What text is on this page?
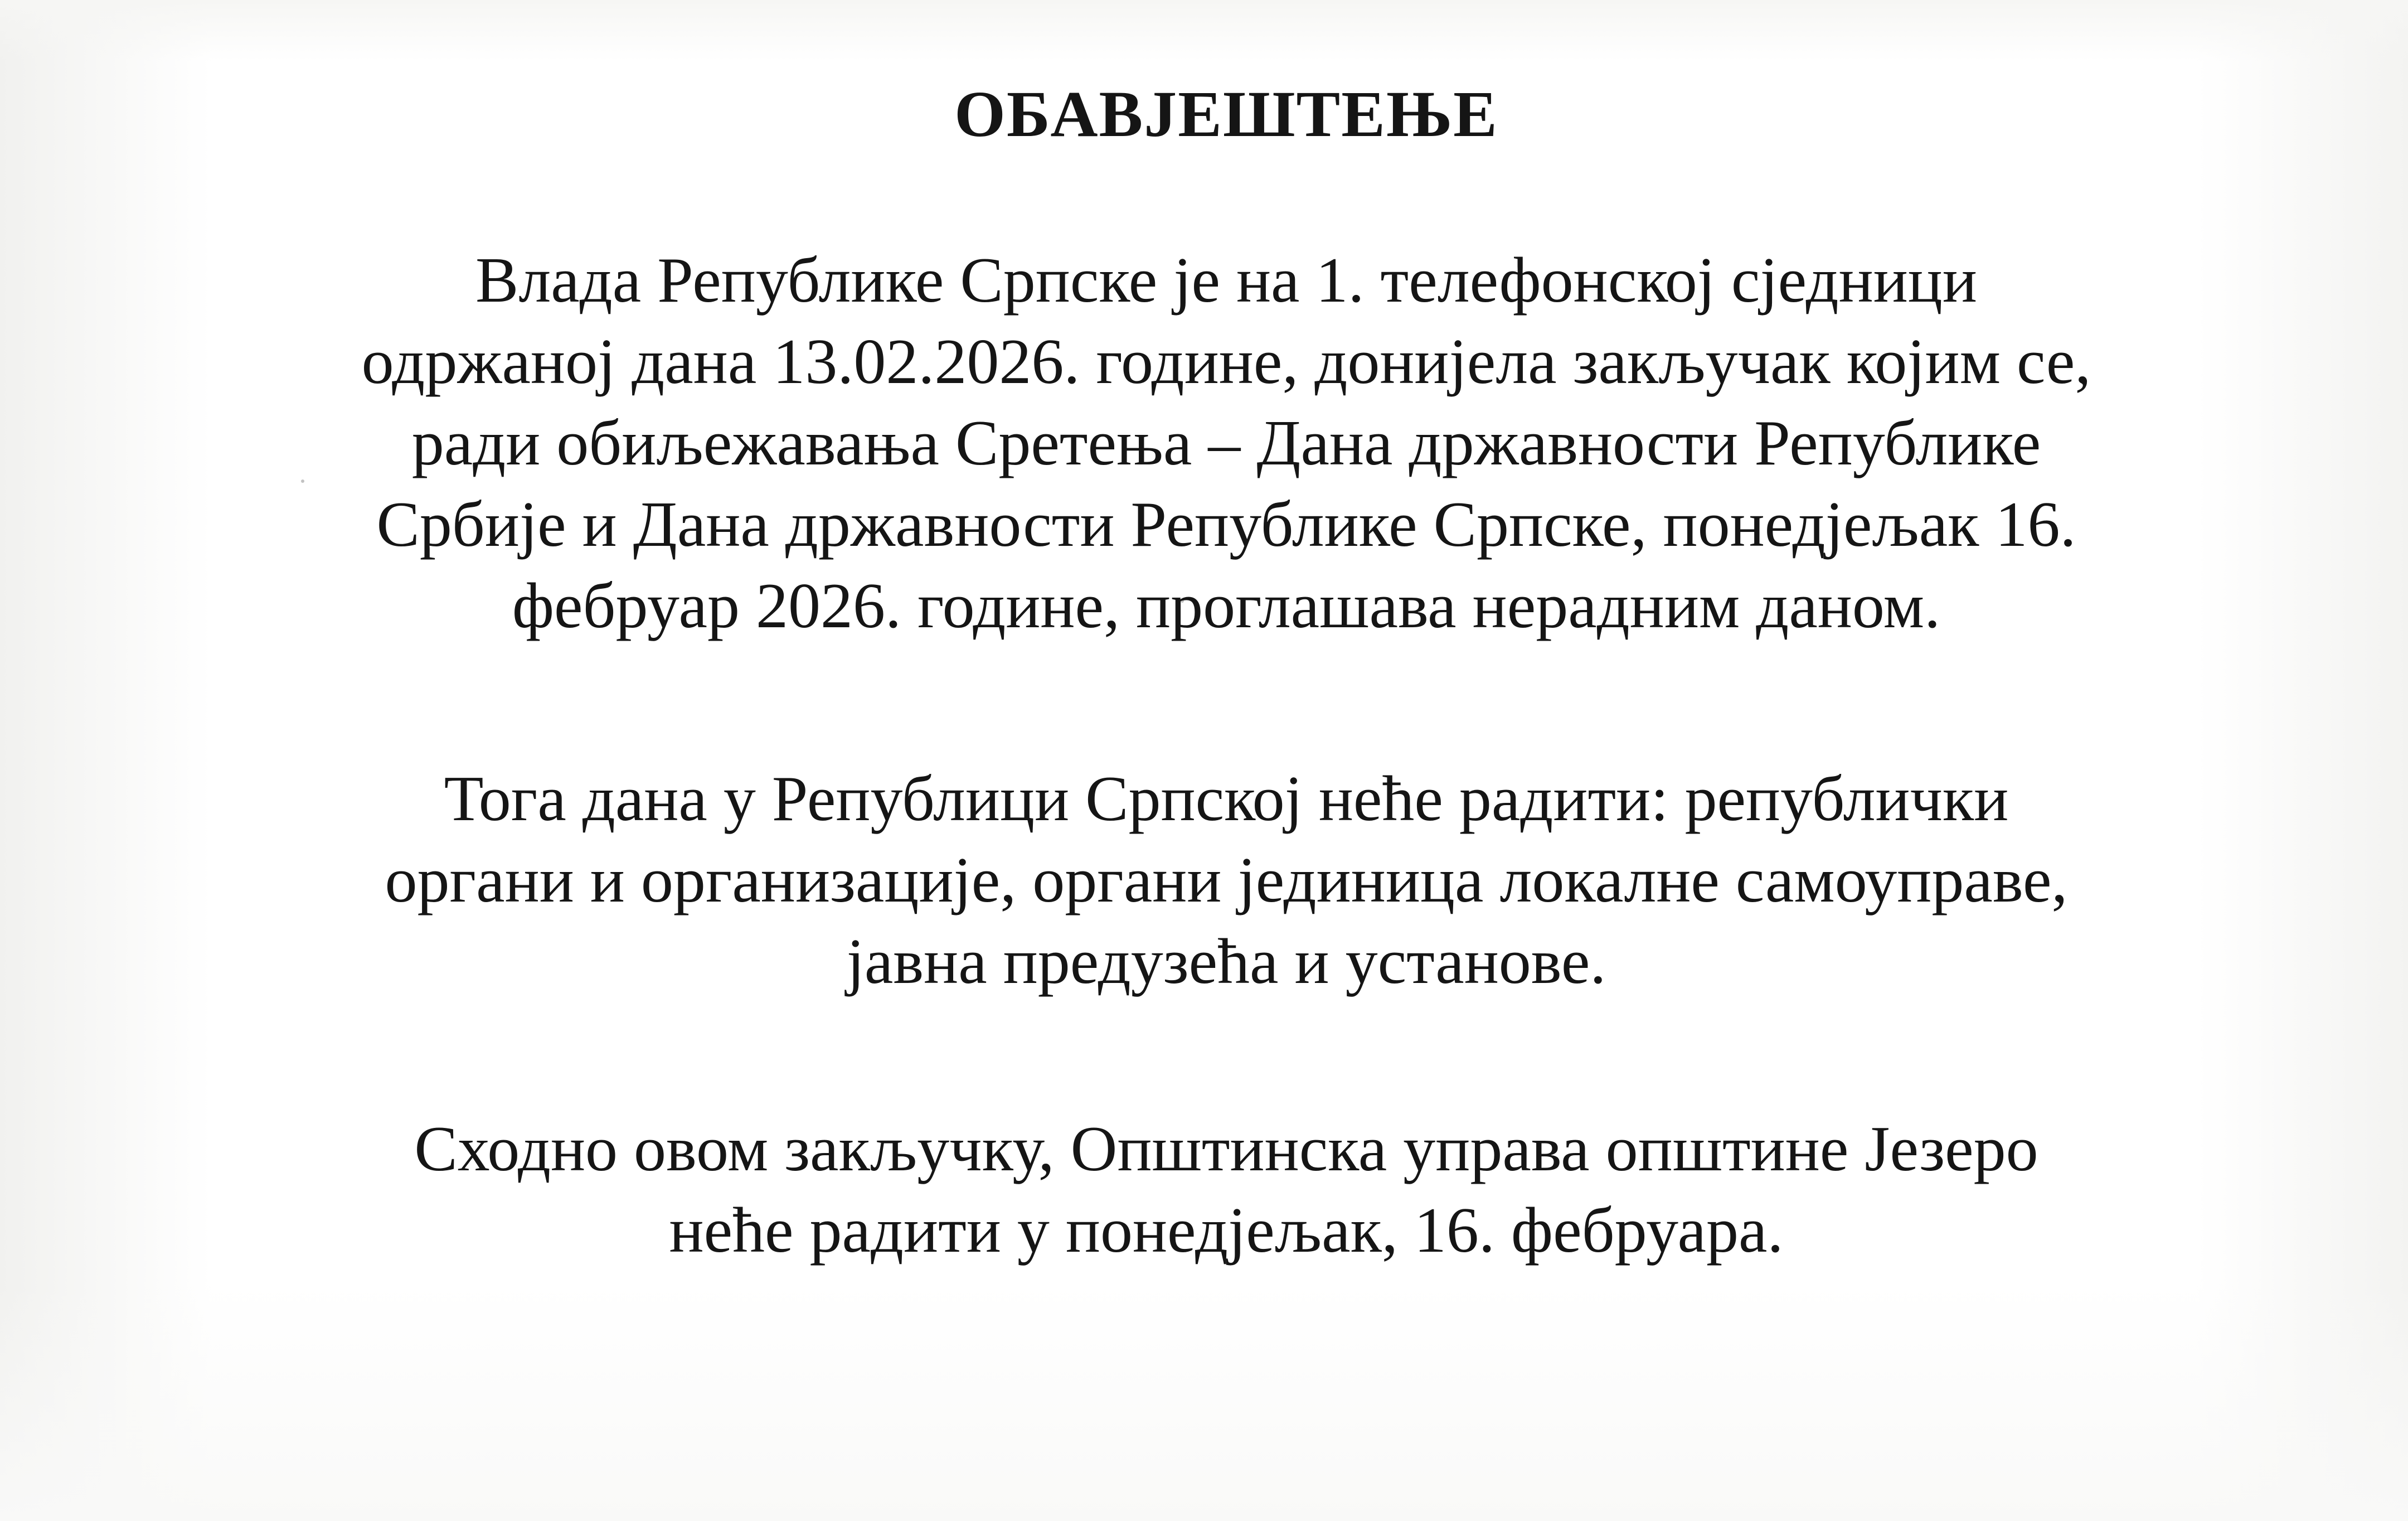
ОБАВЈЕШТЕЊЕ

Влада Републике Српске је на 1. телефонској сједници
одржаној дана 13.02.2026. године, донијела закључак којим се,
ради обиљежавања Сретења – Дана државности Републике
Србије и Дана државности Републике Српске, понедјељак 16.
фебруар 2026. године, проглашава нерадним даном.

Тога дана у Републици Српској неће радити: републички
органи и организације, органи јединица локалне самоуправе,
јавна предузећа и установе.

Сходно овом закључку, Општинска управа општине Језеро
неће радити у понедјељак, 16. фебруара.
